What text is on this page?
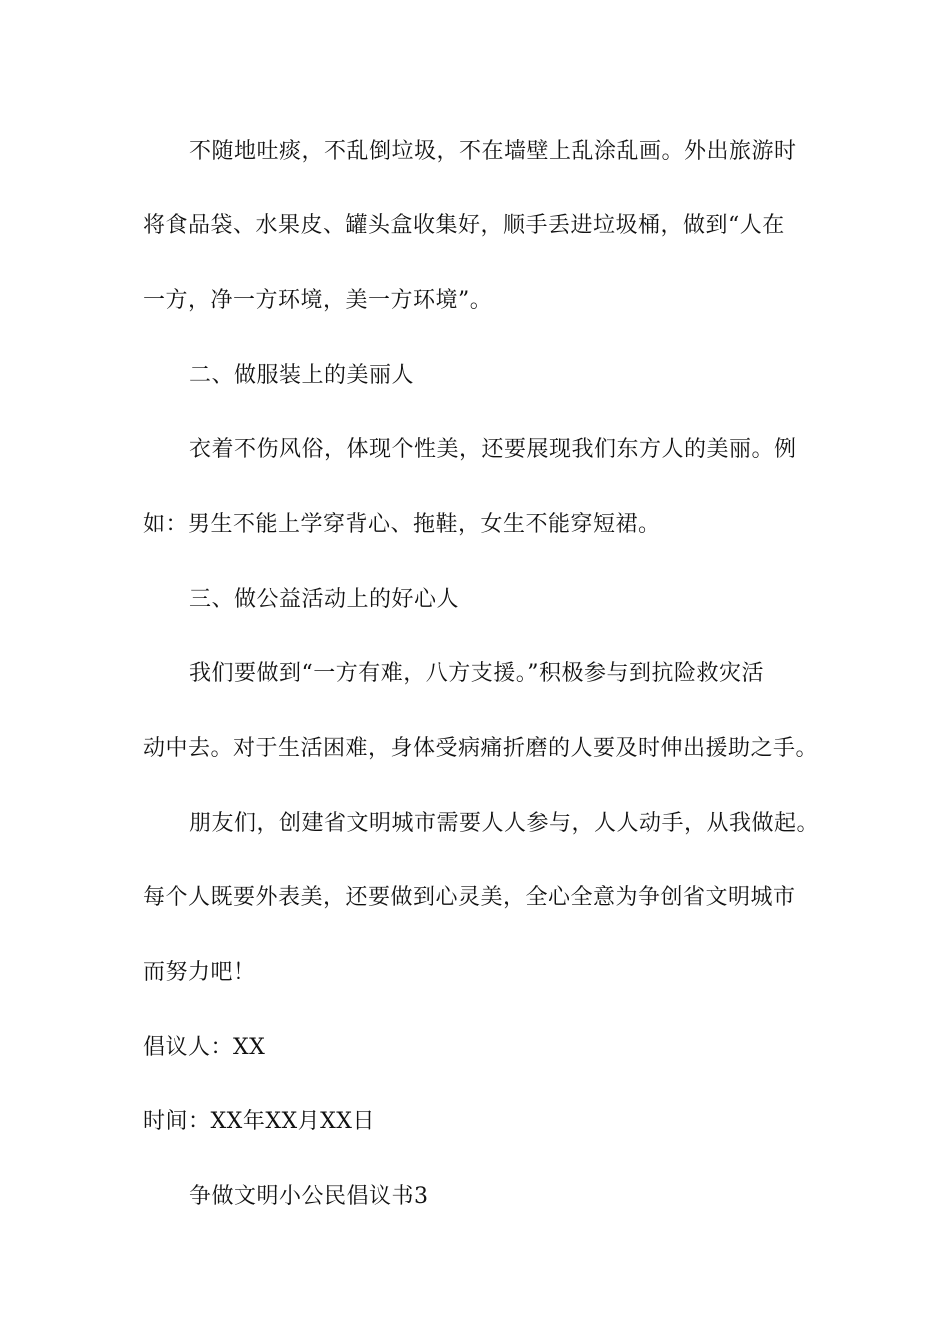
不随地吐痰，不乱倒垃圾，不在墙壁上乱涂乱画。外出旅游时
将食品袋、水果皮、罐头盒收集好，顺手丢进垃圾桶，做到“人在
一方，净一方环境，美一方环境”。
二、做服装上的美丽人
衣着不伤风俗，体现个性美，还要展现我们东方人的美丽。例
如：男生不能上学穿背心、拖鞋，女生不能穿短裙。
三、做公益活动上的好心人
我们要做到“一方有难，八方支援。”积极参与到抗险救灾活
动中去。对于生活困难，身体受病痛折磨的人要及时伸出援助之手。
朋友们，创建省文明城市需要人人参与，人人动手，从我做起。
每个人既要外表美，还要做到心灵美，全心全意为争创省文明城市
而努力吧！
倡议人：XX
时间：XX年XX月XX日
争做文明小公民倡议书3
